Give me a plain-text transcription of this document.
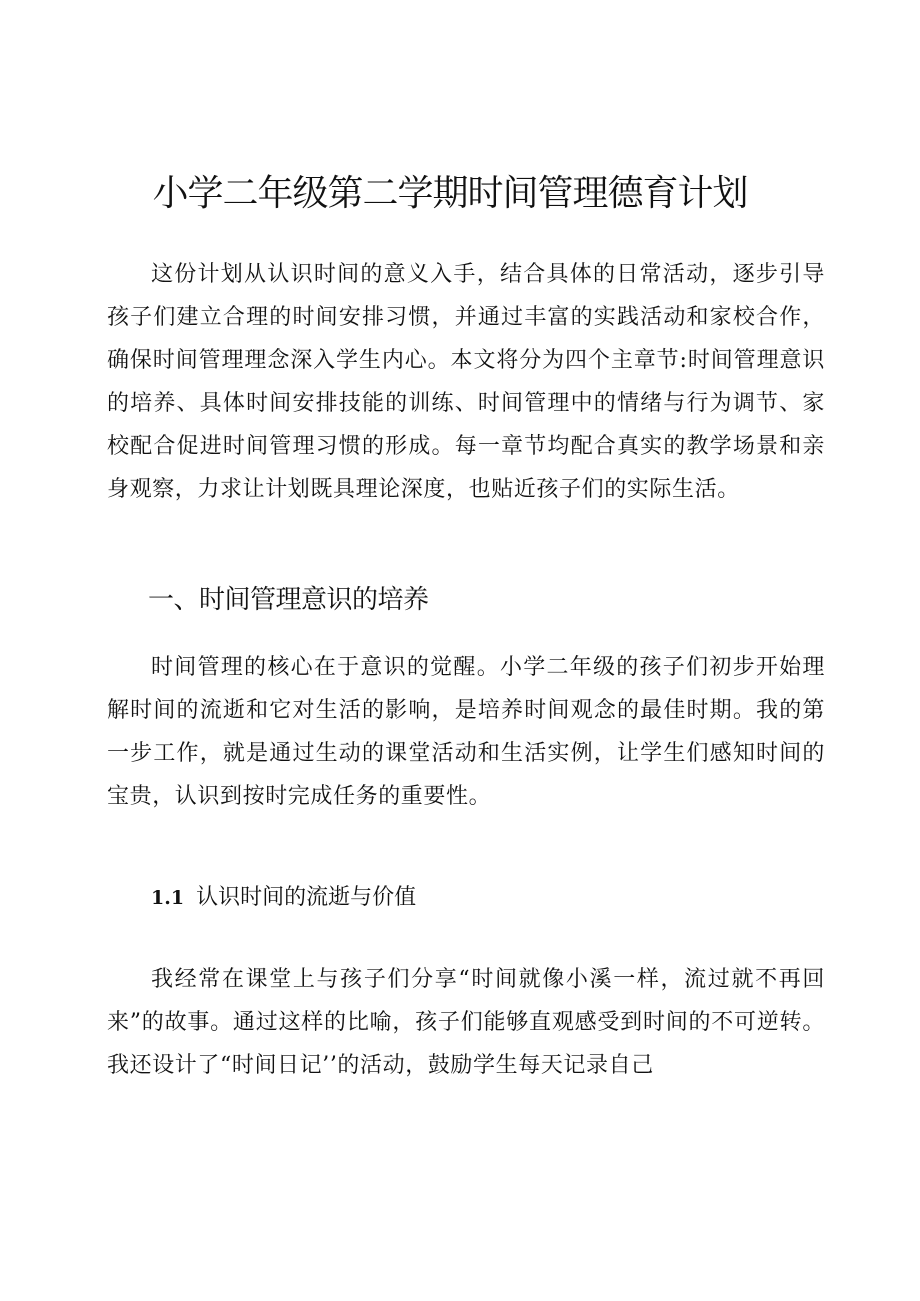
小学二年级第二学期时间管理德育计划

这份计划从认识时间的意义入手，结合具体的日常活动，逐步引导孩子们建立合理的时间安排习惯，并通过丰富的实践活动和家校合作，确保时间管理理念深入学生内心。本文将分为四个主章节:时间管理意识的培养、具体时间安排技能的训练、时间管理中的情绪与行为调节、家校配合促进时间管理习惯的形成。每一章节均配合真实的教学场景和亲身观察，力求让计划既具理论深度，也贴近孩子们的实际生活。

一、时间管理意识的培养

时间管理的核心在于意识的觉醒。小学二年级的孩子们初步开始理解时间的流逝和它对生活的影响，是培养时间观念的最佳时期。我的第一步工作，就是通过生动的课堂活动和生活实例，让学生们感知时间的宝贵，认识到按时完成任务的重要性。

1.1 认识时间的流逝与价值

我经常在课堂上与孩子们分享“时间就像小溪一样，流过就不再回来”的故事。通过这样的比喻，孩子们能够直观感受到时间的不可逆转。我还设计了“时间日记’’的活动，鼓励学生每天记录自己
